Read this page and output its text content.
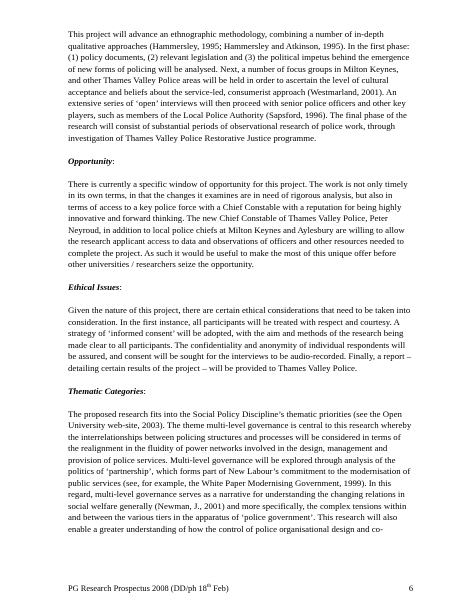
This project will advance an ethnographic methodology, combining a number of in-depth qualitative approaches (Hammersley, 1995; Hammersley and Atkinson, 1995). In the first phase: (1) policy documents, (2) relevant legislation and (3) the political impetus behind the emergence of new forms of policing will be analysed. Next, a number of focus groups in Milton Keynes, and other Thames Valley Police areas will be held in order to ascertain the level of cultural acceptance and beliefs about the service-led, consumerist approach (Westmarland, 2001). An extensive series of ‘open’ interviews will then proceed with senior police officers and other key players, such as members of the Local Police Authority (Sapsford, 1996). The final phase of the research will consist of substantial periods of observational research of police work, through investigation of Thames Valley Police Restorative Justice programme.

Opportunity:

There is currently a specific window of opportunity for this project. The work is not only timely in its own terms, in that the changes it examines are in need of rigorous analysis, but also in terms of access to a key police force with a Chief Constable with a reputation for being highly innovative and forward thinking. The new Chief Constable of Thames Valley Police, Peter Neyroud, in addition to local police chiefs at Milton Keynes and Aylesbury are willing to allow the research applicant access to data and observations of officers and other resources needed to complete the project. As such it would be useful to make the most of this unique offer before other universities / researchers seize the opportunity.

Ethical Issues:

Given the nature of this project, there are certain ethical considerations that need to be taken into consideration. In the first instance, all participants will be treated with respect and courtesy. A strategy of ‘informed consent’ will be adopted, with the aim and methods of the research being made clear to all participants. The confidentiality and anonymity of individual respondents will be assured, and consent will be sought for the interviews to be audio-recorded. Finally, a report – detailing certain results of the project – will be provided to Thames Valley Police.

Thematic Categories:

The proposed research fits into the Social Policy Discipline’s thematic priorities (see the Open University web-site, 2003). The theme multi-level governance is central to this research whereby the interrelationships between policing structures and processes will be considered in terms of the realignment in the fluidity of power networks involved in the design, management and provision of police services. Multi-level governance will be explored through analysis of the politics of ‘partnership’, which forms part of New Labour’s commitment to the modernisation of public services (see, for example, the White Paper Modernising Government, 1999). In this regard, multi-level governance serves as a narrative for understanding the changing relations in social welfare generally (Newman, J., 2001) and more specifically, the complex tensions within and between the various tiers in the apparatus of ‘police government’. This research will also enable a greater understanding of how the control of police organisational design and co-

PG Research Prospectus 2008 (DD/ph 18th Feb)	6
